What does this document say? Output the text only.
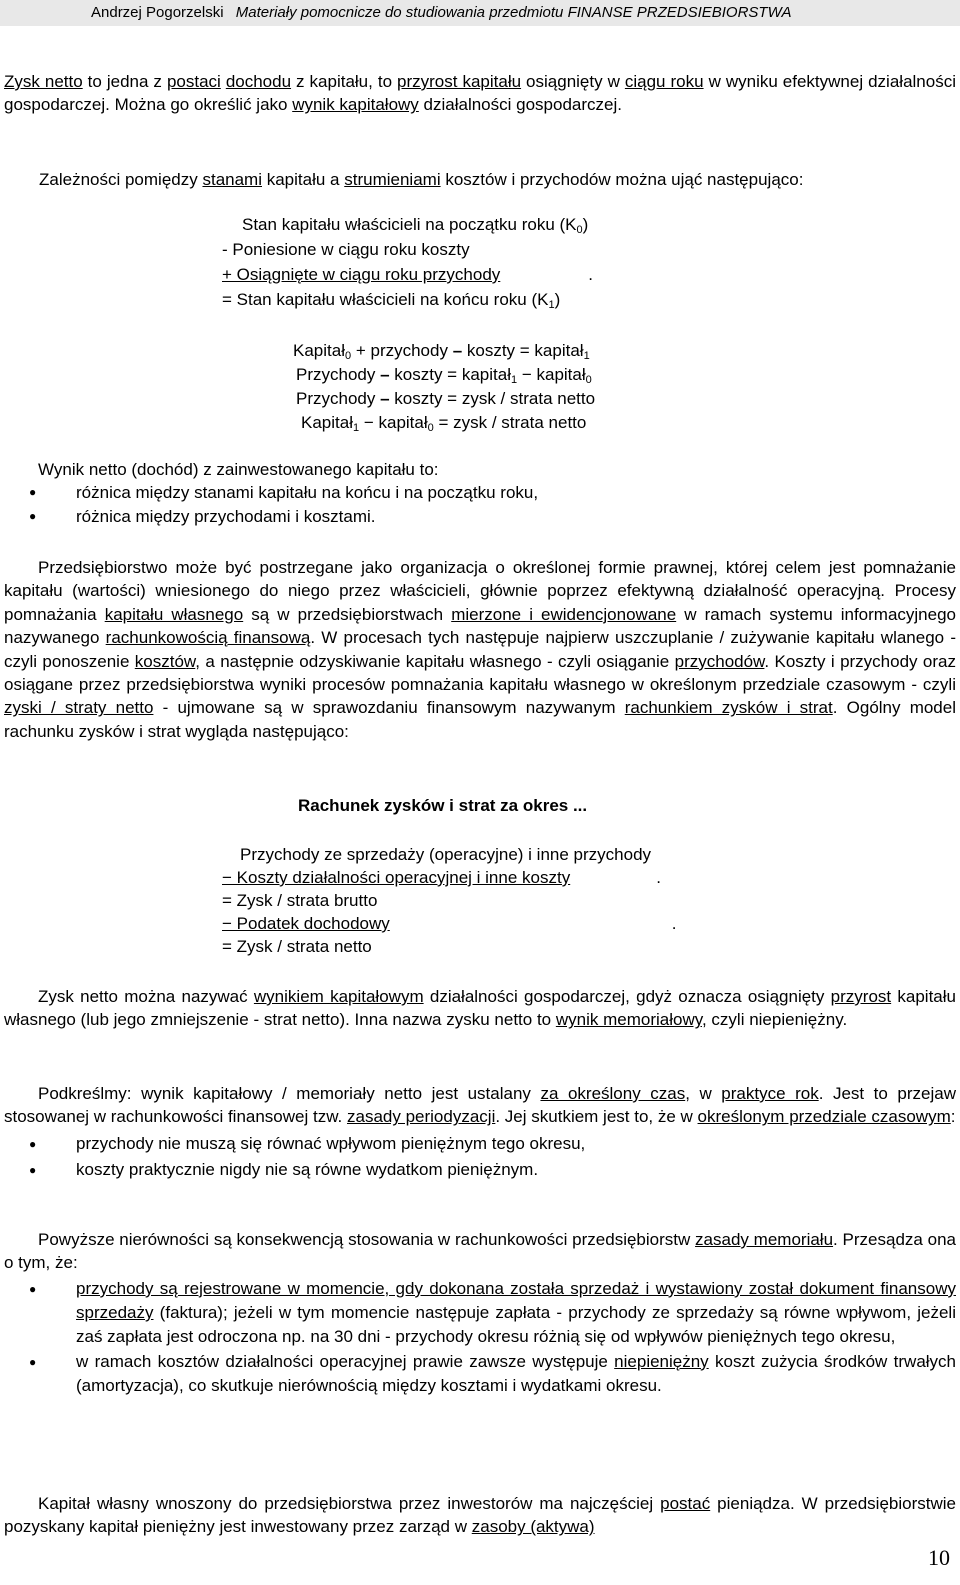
Andrzej Pogorzelski Materiały pomocnicze do studiowania przedmiotu FINANSE PRZEDSIEBIORSTWA
Zysk netto to jedna z postaci dochodu z kapitału, to przyrost kapitału osiągnięty w ciągu roku w wyniku efektywnej działalności gospodarczej. Można go określić jako wynik kapitałowy działalności gospodarczej.
Zależności pomiędzy stanami kapitału a strumieniami kosztów i przychodów można ująć następująco:
Stan kapitału właścicieli na początku roku $(K_0)$
- Poniesione w ciągu roku koszty
+ Osiągnięte w ciągu roku przychody	.
= Stan kapitału właścicieli na końcu roku $(K_1)$
Kapitał$_0$ + przychody – koszty = kapitał$_1$
Przychody – koszty = kapitał$_1$ − kapitał$_0$
Przychody – koszty = zysk / strata netto
Kapitał$_1$ − kapitał$_0$ = zysk / strata netto
Wynik netto (dochód) z zainwestowanego kapitału to:
● różnica między stanami kapitału na końcu i na początku roku,
● różnica między przychodami i kosztami.
Przedsiębiorstwo może być postrzegane jako organizacja o określonej formie prawnej, której celem jest pomnażanie kapitału (wartości) wniesionego do niego przez właścicieli, głównie poprzez efektywną działalność operacyjną. Procesy pomnażania kapitału własnego są w przedsiębiorstwach mierzone i ewidencjonowane w ramach systemu informacyjnego nazywanego rachunkowością finansową. W procesach tych następuje najpierw uszczuplanie / zużywanie kapitału wlanego - czyli ponoszenie kosztów, a następnie odzyskiwanie kapitału własnego - czyli osiąganie przychodów. Koszty i przychody oraz osiągane przez przedsiębiorstwa wyniki procesów pomnażania kapitału własnego w określonym przedziale czasowym - czyli zyski / straty netto - ujmowane są w sprawozdaniu finansowym nazywanym rachunkiem zysków i strat. Ogólny model rachunku zysków i strat wygląda następująco:
Rachunek zysków i strat za okres ...
Przychody ze sprzedaży (operacyjne) i inne przychody
− Koszty działalności operacyjnej i inne koszty	.
= Zysk / strata brutto
− Podatek dochodowy	.
= Zysk / strata netto
Zysk netto można nazywać wynikiem kapitałowym działalności gospodarczej, gdyż oznacza osiągnięty przyrost kapitału własnego (lub jego zmniejszenie - strat netto). Inna nazwa zysku netto to wynik memoriałowy, czyli niepieniężny.
Podkreślmy: wynik kapitałowy / memoriały netto jest ustalany za określony czas, w praktyce rok. Jest to przejaw stosowanej w rachunkowości finansowej tzw. zasady periodyzacji. Jej skutkiem jest to, że w określonym przedziale czasowym:
● przychody nie muszą się równać wpływom pieniężnym tego okresu,
● koszty praktycznie nigdy nie są równe wydatkom pieniężnym.
Powyższe nierówności są konsekwencją stosowania w rachunkowości przedsiębiorstw zasady memoriału. Przesądza ona o tym, że:
● przychody są rejestrowane w momencie, gdy dokonana została sprzedaż i wystawiony został dokument finansowy sprzedaży (faktura); jeżeli w tym momencie następuje zapłata - przychody ze sprzedaży są równe wpływom, jeżeli zaś zapłata jest odroczona np. na 30 dni - przychody okresu różnią się od wpływów pieniężnych tego okresu,
● w ramach kosztów działalności operacyjnej prawie zawsze występuje niepieniężny koszt zużycia środków trwałych (amortyzacja), co skutkuje nierównością między kosztami i wydatkami okresu.
Kapitał własny wnoszony do przedsiębiorstwa przez inwestorów ma najczęściej postać pieniądza. W przedsiębiorstwie pozyskany kapitał pieniężny jest inwestowany przez zarząd w zasoby (aktywa)
10
